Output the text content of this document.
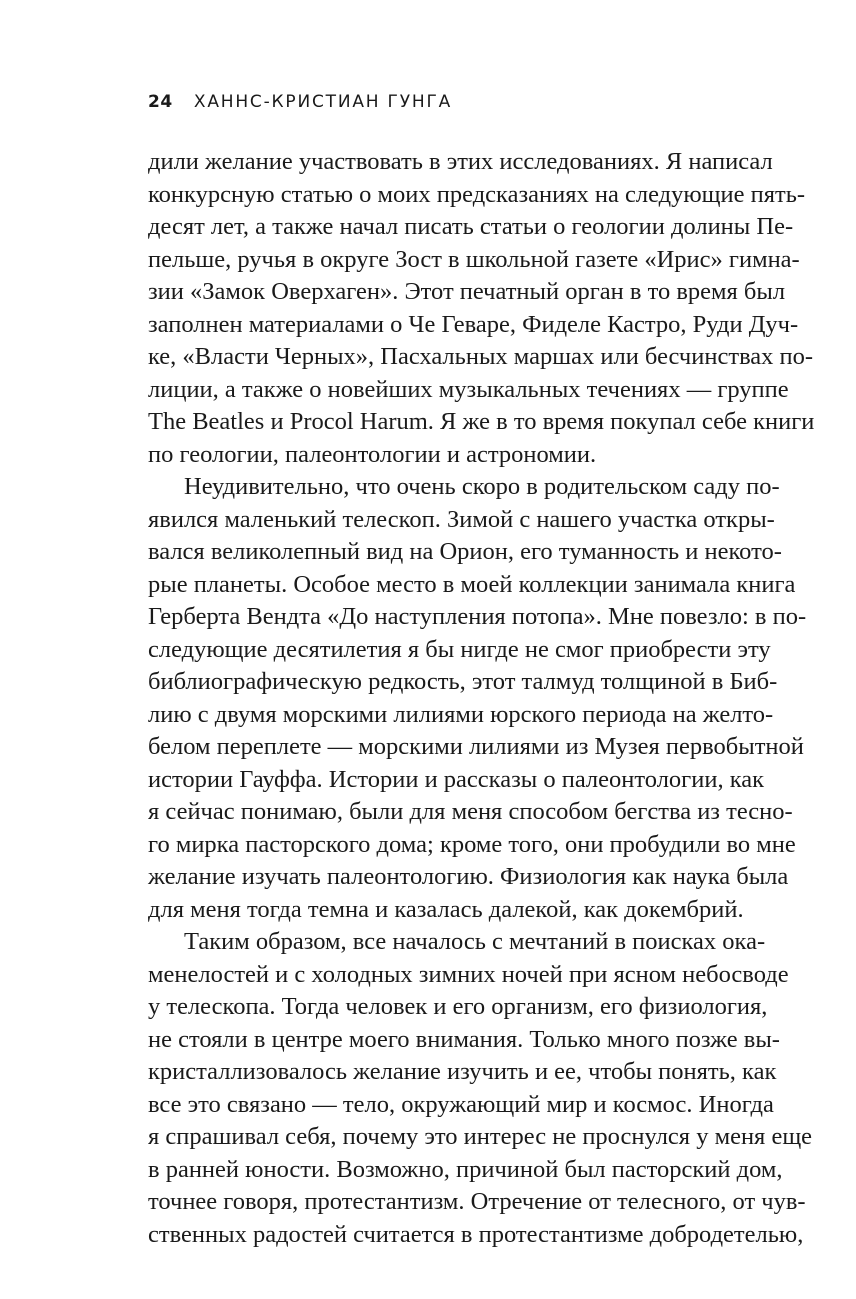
24 ХАННС-КРИСТИАН ГУНГА
дили желание участвовать в этих исследованиях. Я написал
конкурсную статью о моих предсказаниях на следующие пять-
десят лет, а также начал писать статьи о геологии долины Пе-
пельше, ручья в округе Зост в школьной газете «Ирис» гимна-
зии «Замок Оверхаген». Этот печатный орган в то время был
заполнен материалами о Че Геваре, Фиделе Кастро, Руди Дуч-
ке, «Власти Черных», Пасхальных маршах или бесчинствах по-
лиции, а также о новейших музыкальных течениях — группе
The Beatles и Procol Harum. Я же в то время покупал себе книги
по геологии, палеонтологии и астрономии.
Неудивительно, что очень скоро в родительском саду по-
явился маленький телескоп. Зимой с нашего участка откры-
вался великолепный вид на Орион, его туманность и некото-
рые планеты. Особое место в моей коллекции занимала книга
Герберта Вендта «До наступления потопа». Мне повезло: в по-
следующие десятилетия я бы нигде не смог приобрести эту
библиографическую редкость, этот талмуд толщиной в Биб-
лию с двумя морскими лилиями юрского периода на желто-
белом переплете — морскими лилиями из Музея первобытной
истории Гауффа. Истории и рассказы о палеонтологии, как
я сейчас понимаю, были для меня способом бегства из тесно-
го мирка пасторского дома; кроме того, они пробудили во мне
желание изучать палеонтологию. Физиология как наука была
для меня тогда темна и казалась далекой, как докембрий.
Таким образом, все началось с мечтаний в поисках ока-
менелостей и с холодных зимних ночей при ясном небосводе
у телескопа. Тогда человек и его организм, его физиология,
не стояли в центре моего внимания. Только много позже вы-
кристаллизовалось желание изучить и ее, чтобы понять, как
все это связано — тело, окружающий мир и космос. Иногда
я спрашивал себя, почему это интерес не проснулся у меня еще
в ранней юности. Возможно, причиной был пасторский дом,
точнее говоря, протестантизм. Отречение от телесного, от чув-
ственных радостей считается в протестантизме добродетелью,
